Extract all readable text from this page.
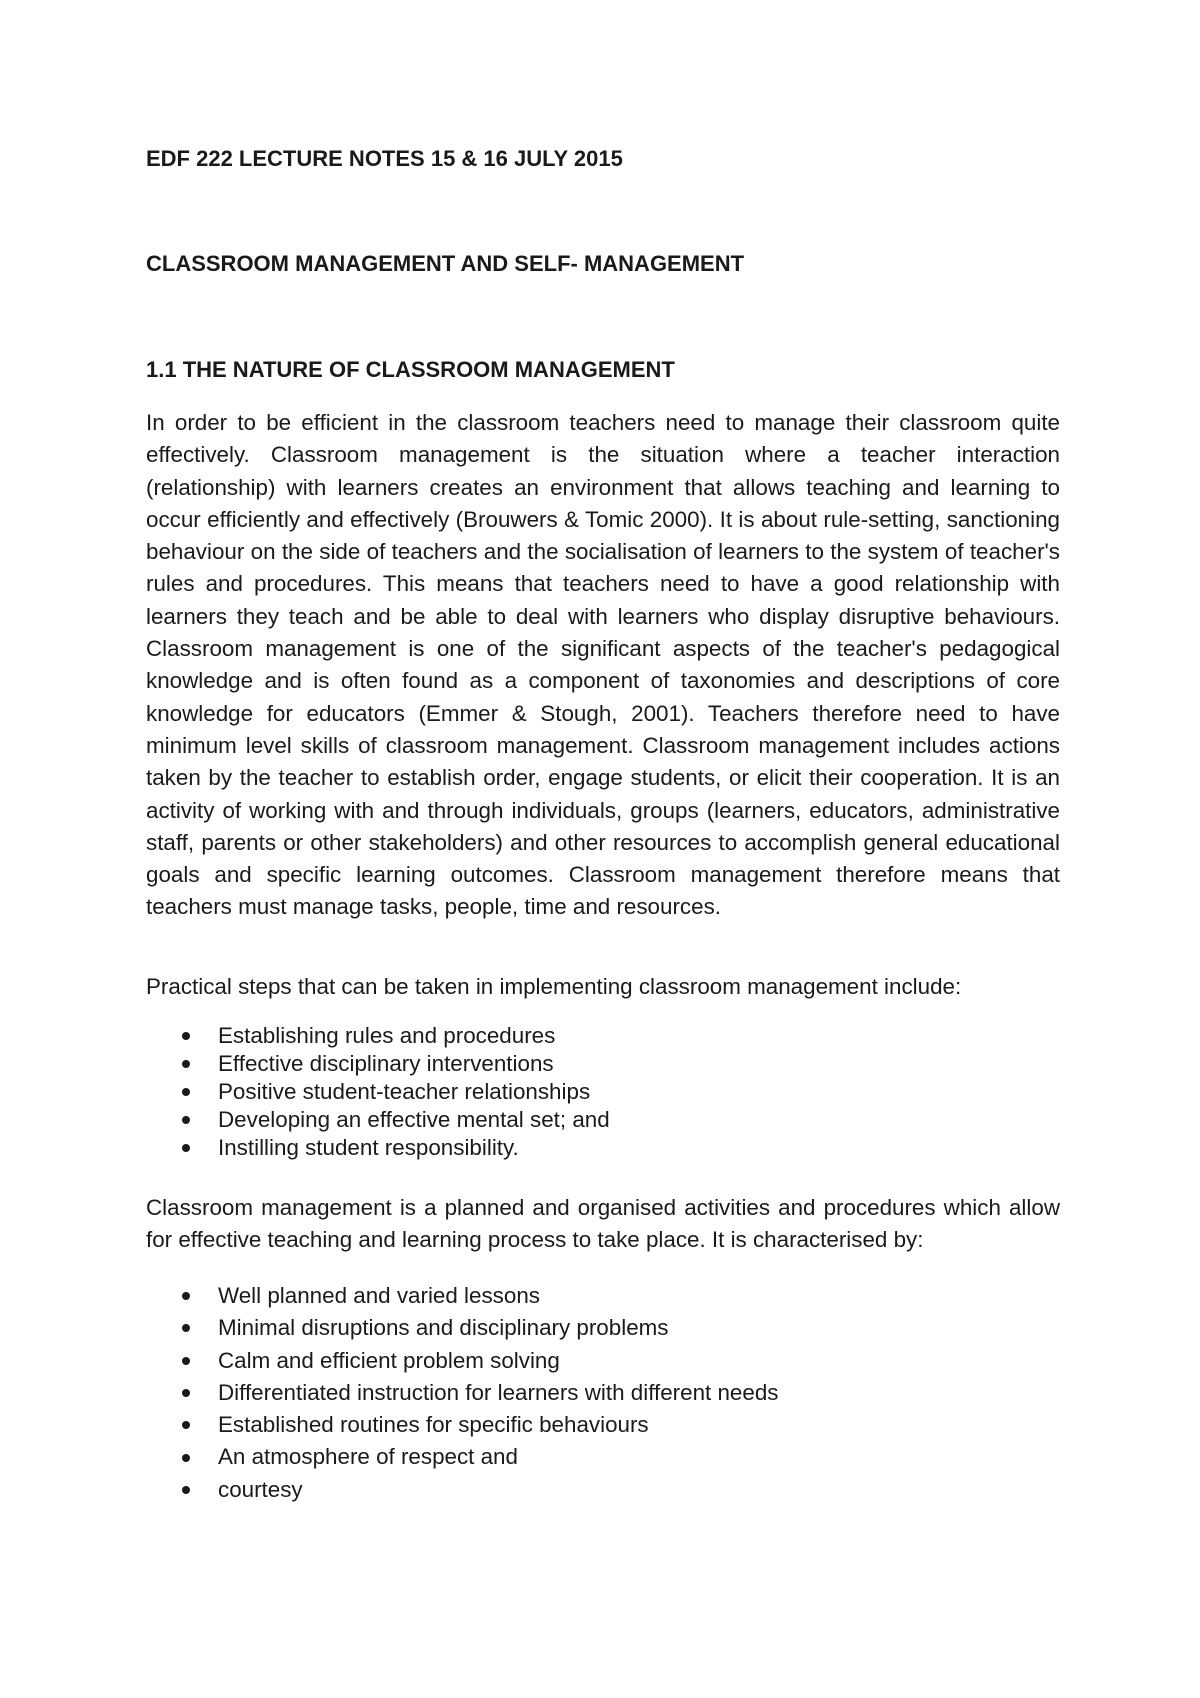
EDF 222 LECTURE NOTES 15 & 16 JULY 2015
CLASSROOM MANAGEMENT AND SELF- MANAGEMENT
1.1 THE NATURE OF CLASSROOM MANAGEMENT

In order to be efficient in the classroom teachers need to manage their classroom quite effectively. Classroom management is the situation where a teacher interaction (relationship) with learners creates an environment that allows teaching and learning to occur efficiently and effectively (Brouwers & Tomic 2000). It is about rule-setting, sanctioning behaviour on the side of teachers and the socialisation of learners to the system of teacher's rules and procedures. This means that teachers need to have a good relationship with learners they teach and be able to deal with learners who display disruptive behaviours. Classroom management is one of the significant aspects of the teacher's pedagogical knowledge and is often found as a component of taxonomies and descriptions of core knowledge for educators (Emmer & Stough, 2001). Teachers therefore need to have minimum level skills of classroom management. Classroom management includes actions taken by the teacher to establish order, engage students, or elicit their cooperation. It is an activity of working with and through individuals, groups (learners, educators, administrative staff, parents or other stakeholders) and other resources to accomplish general educational goals and specific learning outcomes. Classroom management therefore means that teachers must manage tasks, people, time and resources.

Practical steps that can be taken in implementing classroom management include:

Establishing rules and procedures
Effective disciplinary interventions
Positive student-teacher relationships
Developing an effective mental set; and
Instilling student responsibility.

Classroom management is a planned and organised activities and procedures which allow for effective teaching and learning process to take place. It is characterised by:

Well planned and varied lessons
Minimal disruptions and disciplinary problems
Calm and efficient problem solving
Differentiated instruction for learners with different needs
Established routines for specific behaviours
An atmosphere of respect and
courtesy
